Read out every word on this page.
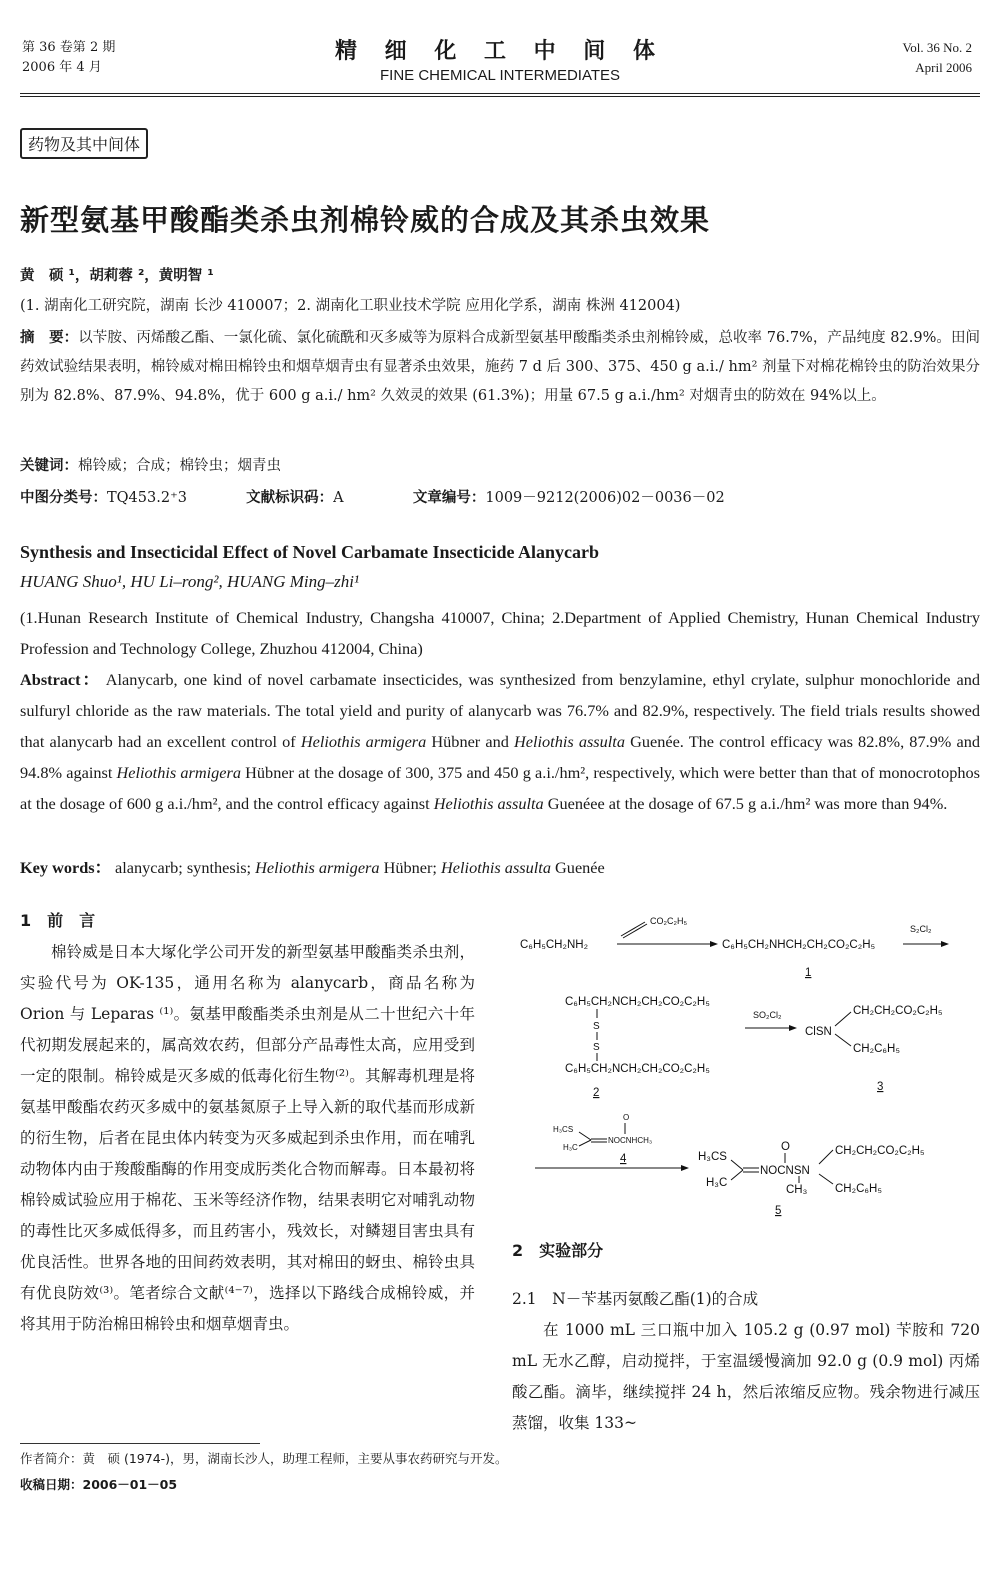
第 36 卷第 2 期
2006 年 4 月
精 细 化 工 中 间 体
FINE CHEMICAL INTERMEDIATES
Vol. 36 No. 2
April 2006
药物及其中间体
新型氨基甲酸酯类杀虫剂棉铃威的合成及其杀虫效果
黄　硕 ¹，胡莉蓉 ²，黄明智 ¹
(1. 湖南化工研究院，湖南 长沙 410007；2. 湖南化工职业技术学院 应用化学系，湖南 株洲 412004)
摘　要：以苄胺、丙烯酸乙酯、一氯化硫、氯化硫酰和灭多威等为原料合成新型氨基甲酸酯类杀虫剂棉铃威，总收率 76.7%，产品纯度 82.9%。田间药效试验结果表明，棉铃威对棉田棉铃虫和烟草烟青虫有显著杀虫效果，施药 7 d 后 300、375、450 g a.i./ hm² 剂量下对棉花棉铃虫的防治效果分别为 82.8%、87.9%、94.8%，优于 600 g a.i./ hm² 久效灵的效果 (61.3%)；用量 67.5 g a.i./hm² 对烟青虫的防效在 94%以上。
关键词：棉铃威；合成；棉铃虫；烟青虫
中图分类号：TQ453.2⁺3	文献标识码：A	文章编号：1009－9212(2006)02－0036－02
Synthesis and Insecticidal Effect of Novel Carbamate Insecticide Alanycarb
HUANG Shuo¹, HU Li–rong², HUANG Ming–zhi¹
(1.Hunan Research Institute of Chemical Industry, Changsha 410007, China; 2.Department of Applied Chemistry, Hunan Chemical Industry Profession and Technology College, Zhuzhou 412004, China)
Abstract： Alanycarb, one kind of novel carbamate insecticides, was synthesized from benzylamine, ethyl crylate, sulphur monochloride and sulfuryl chloride as the raw materials. The total yield and purity of alanycarb was 76.7% and 82.9%, respectively. The field trials results showed that alanycarb had an excellent control of Heliothis armigera Hübner and Heliothis assulta Guenée. The control efficacy was 82.8%, 87.9% and 94.8% against Heliothis armigera Hübner at the dosage of 300, 375 and 450 g a.i./hm², respectively, which were better than that of monocrotophos at the dosage of 600 g a.i./hm², and the control efficacy against Heliothis assulta Guenéee at the dosage of 67.5 g a.i./hm² was more than 94%.
Key words： alanycarb; synthesis; Heliothis armigera Hübner; Heliothis assulta Guenée
1　前　言

棉铃威是日本大塚化学公司开发的新型氨基甲酸酯类杀虫剂，实验代号为 OK-135，通用名称为 alanycarb，商品名称为 Orion 与 Leparas ⁽¹⁾。氨基甲酸酯类杀虫剂是从二十世纪六十年代初期发展起来的，属高效农药，但部分产品毒性太高，应用受到一定的限制。棉铃威是灭多威的低毒化衍生物⁽²⁾。其解毒机理是将氨基甲酸酯农药灭多威中的氨基氮原子上导入新的取代基而形成新的衍生物，后者在昆虫体内转变为灭多威起到杀虫作用，而在哺乳动物体内由于羧酸酯酶的作用变成肟类化合物而解毒。日本最初将棉铃威试验应用于棉花、玉米等经济作物，结果表明它对哺乳动物的毒性比灭多威低得多，而且药害小，残效长，对鳞翅目害虫具有优良活性。世界各地的田间药效表明，其对棉田的蚜虫、棉铃虫具有优良防效⁽³⁾。笔者综合文献⁽⁴⁻⁷⁾，选择以下路线合成棉铃威，并将其用于防治棉田棉铃虫和烟草烟青虫。

C₆H₅CH₂NH₂
CO₂C₂H₅
C₆H₅CH₂NHCH₂CH₂CO₂C₂H₅
S₂Cl₂
1
C₆H₅CH₂NCH₂CH₂CO₂C₂H₅
S
S
C₆H₅CH₂NCH₂CH₂CO₂C₂H₅
2
SO₂Cl₂	CH₂CH₂CO₂C₂H₅
ClSN
CH₂C₆H₅
3
H₃CS
H₃C
NOCNHCH₃
O
4	H₃CS
H₃C
NOCNSN
O
CH₃
CH₂CH₂CO₂C₂H₅
CH₂C₆H₅
5
2　实验部分
2.1　N－苄基丙氨酸乙酯(1)的合成

在 1000 mL 三口瓶中加入 105.2 g (0.97 mol) 苄胺和 720 mL 无水乙醇，启动搅拌，于室温缓慢滴加 92.0 g (0.9 mol) 丙烯酸乙酯。滴毕，继续搅拌 24 h，然后浓缩反应物。残余物进行减压蒸馏，收集 133~

作者简介：黄　硕 (1974-)，男，湖南长沙人，助理工程师，主要从事农药研究与开发。
收稿日期：2006－01－05
